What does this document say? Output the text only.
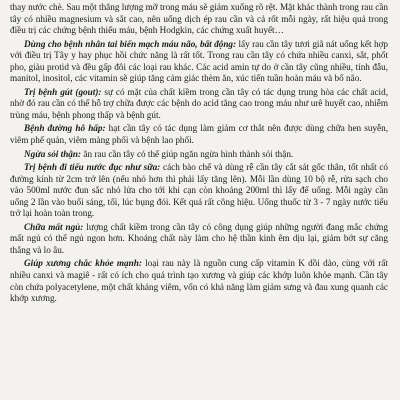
thay nước chè. Sau một thăng lượng mỡ trong máu sẽ giảm xuống rõ rệt. Mặt khác thành trong rau cần tây có nhiều magnesium và sắt cao, nên uống dịch ép rau cần và cả rốt mỗi ngày, rất hiệu quả trong điều trị các chứng bệnh thiếu máu, bệnh Hodgkin, các chứng xuất huyết…

Dùng cho bệnh nhân tai biến mạch máu não, bất động: lấy rau cần tây tươi giã nát uống kết hợp với điều trị Tây y hay phục hồi chức năng là rất tốt. Trong rau cần tây có chứa nhiều canxi, sắt, phốt pho, giàu protid và đều gấp đôi các loại rau khác. Các acid amin tự do ở cần tây cũng nhiều, tính đẫu, manitol, inositol, các vitamin sẽ giúp tăng cảm giác thèm ăn, xúc tiến tuần hoàn máu và bổ não.

Trị bệnh gút (gout): sự có mặt của chất kiềm trong cần tây có tác dụng trung hòa các chất acid, nhờ đó rau cần có thể hỗ trợ chữa được các bệnh do acid tăng cao trong máu như urê huyết cao, nhiễm trùng máu, bệnh phong thấp và bệnh gút.

Bệnh đường hô hấp: hạt cần tây có tác dụng làm giảm cơ thắt nên được dùng chữa hen suyễn, viêm phế quản, viêm màng phổi và bệnh lao phổi.

Ngừa sỏi thận: ăn rau cần tây có thể giúp ngăn ngừa hình thành sỏi thận.

Trị bệnh đi tiểu nước đục như sữa: cách bào chế và dùng rễ cần tây cắt sát gốc thân, tốt nhất có đường kính từ 2cm trở lên (nếu nhỏ hơn thì phải lấy tăng lên). Mỗi lần dùng 10 bộ rễ, rửa sạch cho vào 500ml nước đun sắc nhỏ lửa cho tới khi cạn còn khoảng 200ml thì lấy để uống. Mỗi ngày cần uống 2 lần vào buổi sáng, tối, lúc bụng đói. Kết quả rất công hiệu. Uống thuốc từ 3 - 7 ngày nước tiểu trở lại hoàn toàn trong.

Chữa mất ngủ: lượng chất kiềm trong cần tây có công dụng giúp những người đang mắc chứng mất ngủ có thể ngủ ngon hơn. Khoáng chất này làm cho hệ thần kinh êm dịu lại, giảm bớt sự căng thẳng và lo âu.

Giúp xương chắc khỏe mạnh: loại rau này là nguồn cung cấp vitamin K dồi dào, cùng với rất nhiều canxi và magiê - rất có ích cho quá trình tạo xương và giúp các khớp luôn khỏe mạnh. Cần tây còn chứa polyacetylene, một chất kháng viêm, vốn có khả năng làm giảm sưng và đau xung quanh các khớp xương.
